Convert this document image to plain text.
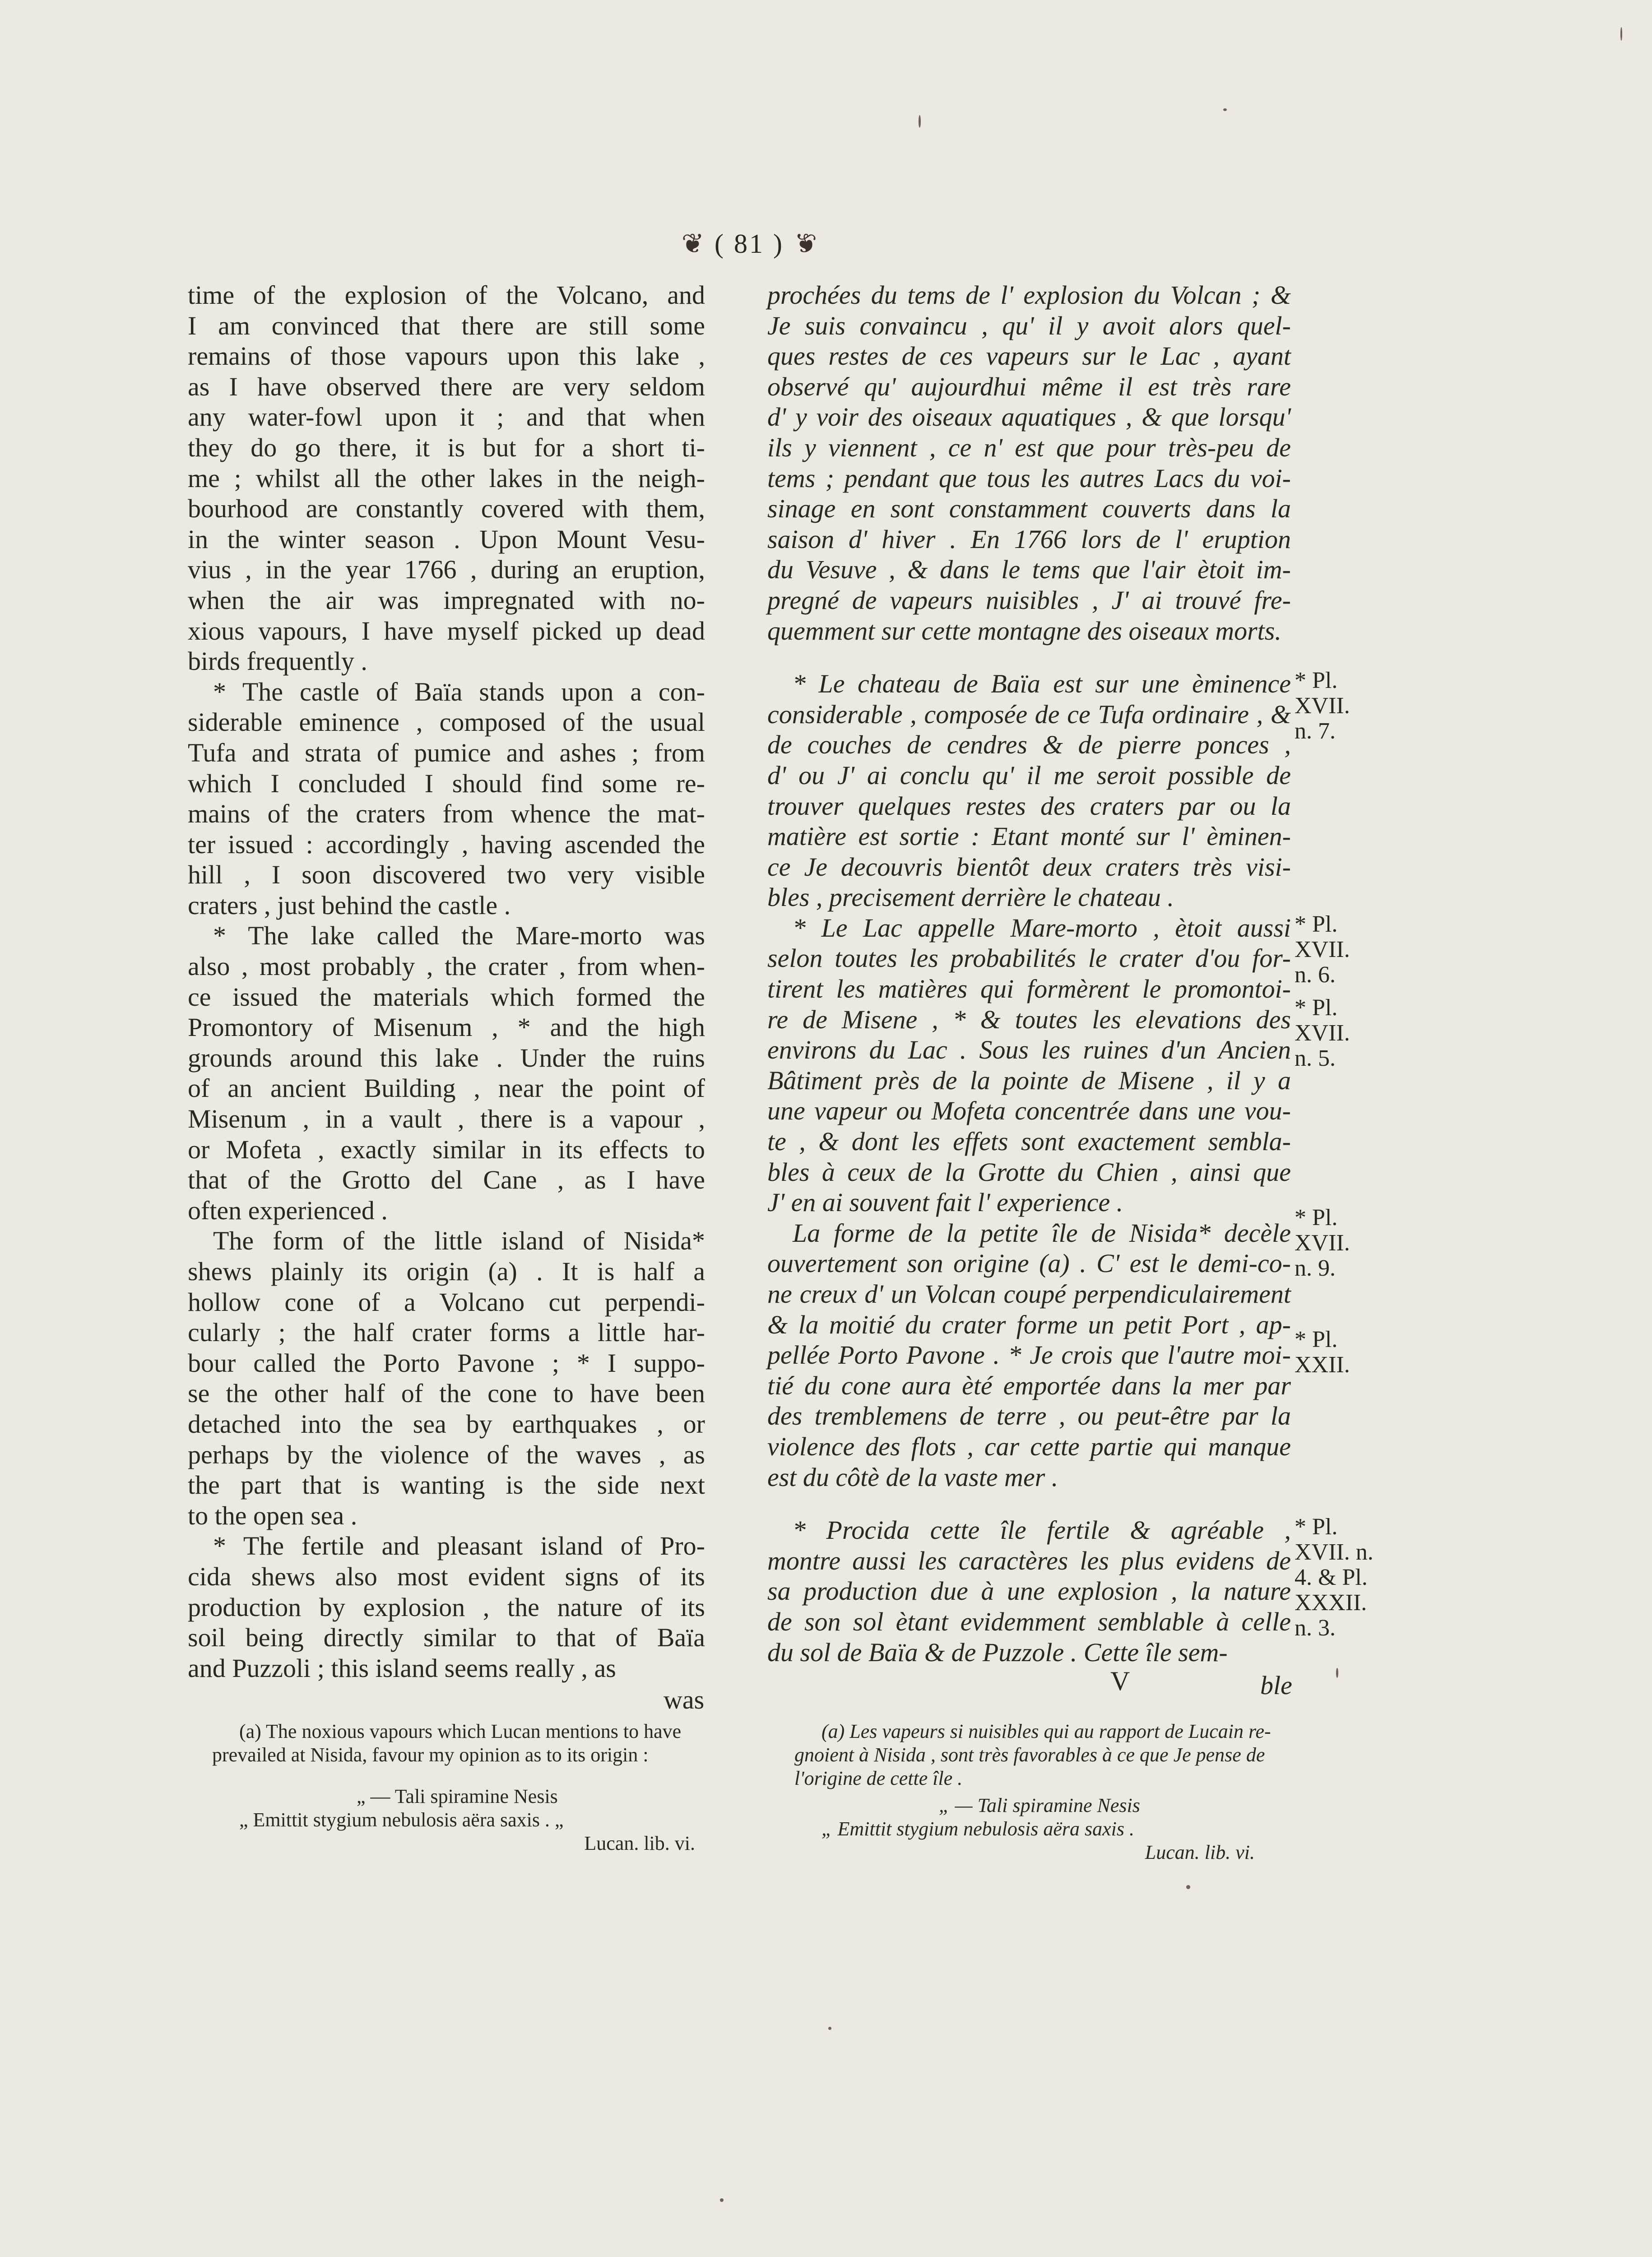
❦ ( 81 ) ❦
time of the explosion of the Volcano, and
I am convinced that there are still some
remains of those vapours upon this lake ,
as I have observed there are very seldom
any water-fowl upon it ; and that when
they do go there, it is but for a short ti-
me ; whilst all the other lakes in the neigh-
bourhood are constantly covered with them,
in the winter season . Upon Mount Vesu-
vius , in the year 1766 , during an eruption,
when the air was impregnated with no-
xious vapours, I have myself picked up dead
birds frequently .
* The castle of Baïa stands upon a con-
siderable eminence , composed of the usual
Tufa and strata of pumice and ashes ; from
which I concluded I should find some re-
mains of the craters from whence the mat-
ter issued : accordingly , having ascended the
hill , I soon discovered two very visible
craters , just behind the castle .
* The lake called the Mare-morto was
also , most probably , the crater , from when-
ce issued the materials which formed the
Promontory of Misenum , * and the high
grounds around this lake . Under the ruins
of an ancient Building , near the point of
Misenum , in a vault , there is a vapour ,
or Mofeta , exactly similar in its effects to
that of the Grotto del Cane , as I have
often experienced .
The form of the little island of Nisida*
shews plainly its origin (a) . It is half a
hollow cone of a Volcano cut perpendi-
cularly ; the half crater forms a little har-
bour called the Porto Pavone ; * I suppo-
se the other half of the cone to have been
detached into the sea by earthquakes , or
perhaps by the violence of the waves , as
the part that is wanting is the side next
to the open sea .
* The fertile and pleasant island of Pro-
cida shews also most evident signs of its
production by explosion , the nature of its
soil being directly similar to that of Baïa
and Puzzoli ; this island seems really , as
was
prochées du tems de l' explosion du Volcan ; &
Je suis convaincu , qu' il y avoit alors quel-
ques restes de ces vapeurs sur le Lac , ayant
observé qu' aujourdhui même il est très rare
d' y voir des oiseaux aquatiques , & que lorsqu'
ils y viennent , ce n' est que pour très-peu de
tems ; pendant que tous les autres Lacs du voi-
sinage en sont constamment couverts dans la
saison d' hiver . En 1766 lors de l' eruption
du Vesuve , & dans le tems que l'air ètoit im-
pregné de vapeurs nuisibles , J' ai trouvé fre-
quemment sur cette montagne des oiseaux morts.
* Le chateau de Baïa est sur une èminence
considerable , composée de ce Tufa ordinaire , &
de couches de cendres & de pierre ponces ,
d' ou J' ai conclu qu' il me seroit possible de
trouver quelques restes des craters par ou la
matière est sortie : Etant monté sur l' èminen-
ce Je decouvris bientôt deux craters très visi-
bles , precisement derrière le chateau .
* Le Lac appelle Mare-morto , ètoit aussi
selon toutes les probabilités le crater d'ou for-
tirent les matières qui formèrent le promontoi-
re de Misene , * & toutes les elevations des
environs du Lac . Sous les ruines d'un Ancien
Bâtiment près de la pointe de Misene , il y a
une vapeur ou Mofeta concentrée dans une vou-
te , & dont les effets sont exactement sembla-
bles à ceux de la Grotte du Chien , ainsi que
J' en ai souvent fait l' experience .
La forme de la petite île de Nisida* decèle
ouvertement son origine (a) . C' est le demi-co-
ne creux d' un Volcan coupé perpendiculairement
& la moitié du crater forme un petit Port , ap-
pellée Porto Pavone . * Je crois que l'autre moi-
tié du cone aura èté emportée dans la mer par
des tremblemens de terre , ou peut-être par la
violence des flots , car cette partie qui manque
est du côtè de la vaste mer .
* Procida cette île fertile & agréable ,
montre aussi les caractères les plus evidens de
sa production due à une explosion , la nature
de son sol ètant evidemment semblable à celle
du sol de Baïa & de Puzzole . Cette île sem-
V	ble
* Pl.
XVII.
n. 7.
* Pl.
XVII.
n. 6.
* Pl.
XVII.
n. 5.
* Pl.
XVII.
n. 9.
* Pl.
XXII.
* Pl.
XVII. n.
4. & Pl.
XXXII.
n. 3.
(a) The noxious vapours which Lucan mentions to have
prevailed at Nisida, favour my opinion as to its origin :
„ — Tali spiramine Nesis
„ Emittit stygium nebulosis aëra saxis . „
Lucan. lib. vi.
(a) Les vapeurs si nuisibles qui au rapport de Lucain re-
gnoient à Nisida , sont très favorables à ce que Je pense de
l'origine de cette île .
„ — Tali spiramine Nesis
„ Emittit stygium nebulosis aëra saxis .
Lucan. lib. vi.
